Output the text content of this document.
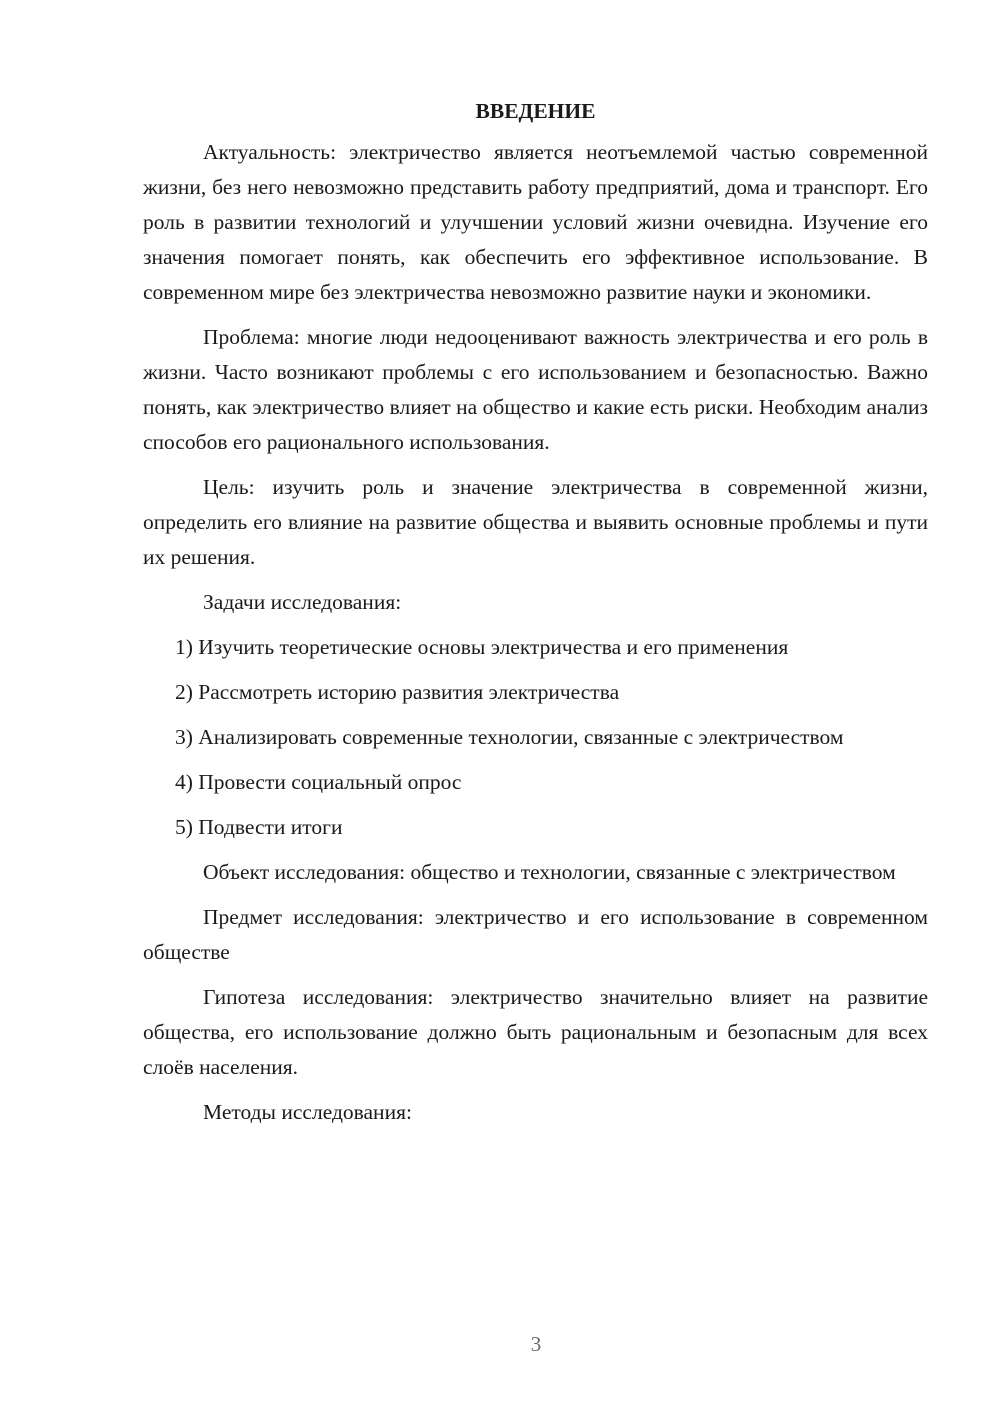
ВВЕДЕНИЕ
Актуальность: электричество является неотъемлемой частью современной жизни, без него невозможно представить работу предприятий, дома и транспорт. Его роль в развитии технологий и улучшении условий жизни очевидна. Изучение его значения помогает понять, как обеспечить его эффективное использование. В современном мире без электричества невозможно развитие науки и экономики.
Проблема: многие люди недооценивают важность электричества и его роль в жизни. Часто возникают проблемы с его использованием и безопасностью. Важно понять, как электричество влияет на общество и какие есть риски. Необходим анализ способов его рационального использования.
Цель: изучить роль и значение электричества в современной жизни, определить его влияние на развитие общества и выявить основные проблемы и пути их решения.
Задачи исследования:
1) Изучить теоретические основы электричества и его применения
2) Рассмотреть историю развития электричества
3) Анализировать современные технологии, связанные с электричеством
4) Провести социальный опрос
5) Подвести итоги
Объект исследования: общество и технологии, связанные с электричеством
Предмет исследования: электричество и его использование в современном обществе
Гипотеза исследования: электричество значительно влияет на развитие общества, его использование должно быть рациональным и безопасным для всех слоёв населения.
Методы исследования:
3
